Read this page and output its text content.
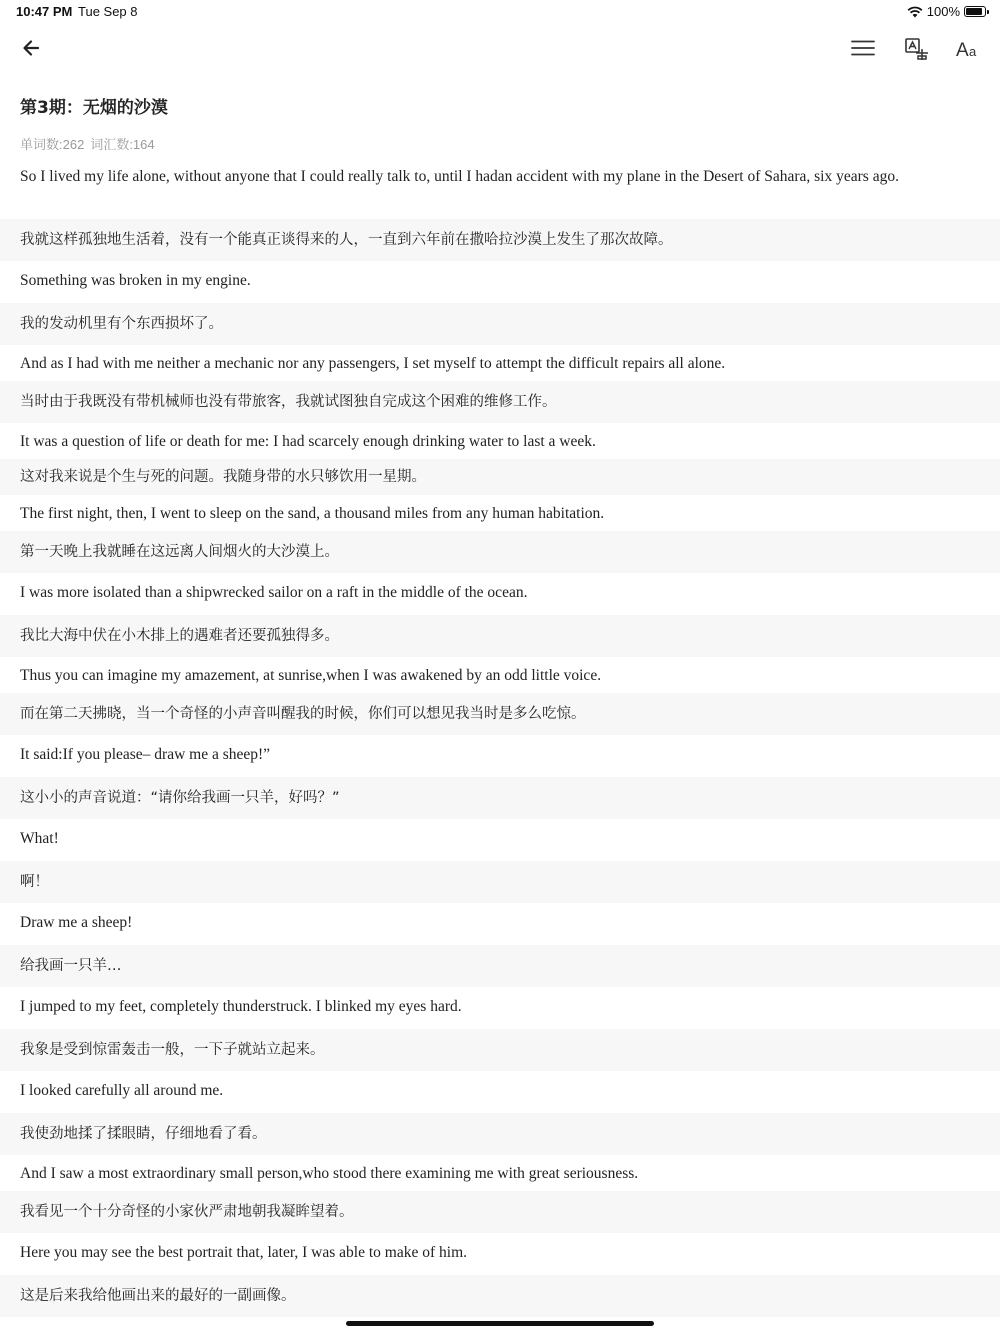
10:47 PM Tue Sep 8	100%
A a
第3期：无烟的沙漠
单词数:262 词汇数:164
So I lived my life alone, without anyone that I could really talk to, until I hadan accident with my plane in the Desert of Sahara, six years ago.
我就这样孤独地生活着，没有一个能真正谈得来的人，一直到六年前在撒哈拉沙漠上发生了那次故障。
Something was broken in my engine.
我的发动机里有个东西损坏了。
And as I had with me neither a mechanic nor any passengers, I set myself to attempt the difficult repairs all alone.
当时由于我既没有带机械师也没有带旅客，我就试图独自完成这个困难的维修工作。
It was a question of life or death for me: I had scarcely enough drinking water to last a week.
这对我来说是个生与死的问题。我随身带的水只够饮用一星期。
The first night, then, I went to sleep on the sand, a thousand miles from any human habitation.
第一天晚上我就睡在这远离人间烟火的大沙漠上。
I was more isolated than a shipwrecked sailor on a raft in the middle of the ocean.
我比大海中伏在小木排上的遇难者还要孤独得多。
Thus you can imagine my amazement, at sunrise,when I was awakened by an odd little voice.
而在第二天拂晓，当一个奇怪的小声音叫醒我的时候，你们可以想见我当时是多么吃惊。
It said:If you please– draw me a sheep!”
这小小的声音说道：“请你给我画一只羊，好吗？”
What!
啊！
Draw me a sheep!
给我画一只羊…
I jumped to my feet, completely thunderstruck. I blinked my eyes hard.
我象是受到惊雷轰击一般，一下子就站立起来。
I looked carefully all around me.
我使劲地揉了揉眼睛，仔细地看了看。
And I saw a most extraordinary small person,who stood there examining me with great seriousness.
我看见一个十分奇怪的小家伙严肃地朝我凝眸望着。
Here you may see the best portrait that, later, I was able to make of him.
这是后来我给他画出来的最好的一副画像。
